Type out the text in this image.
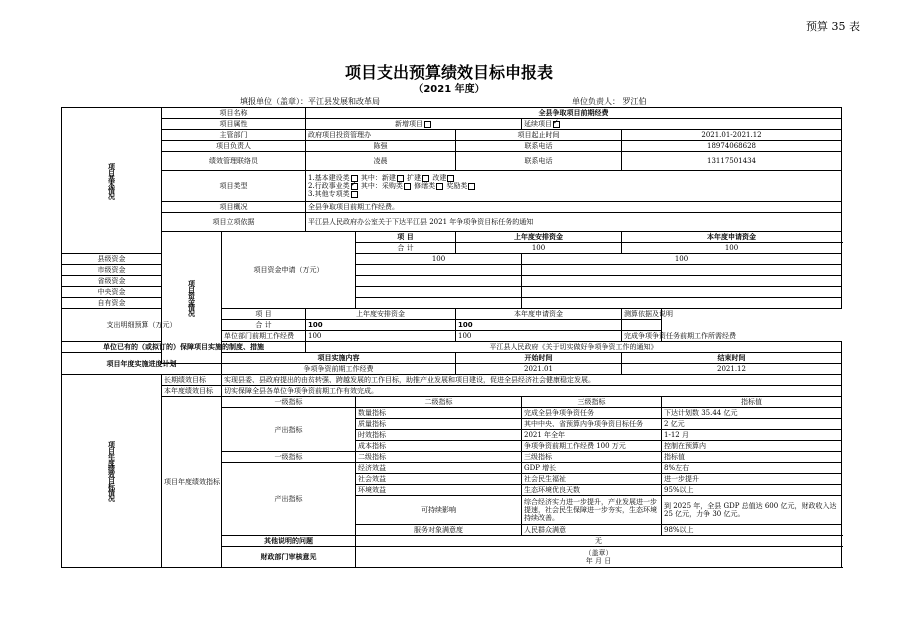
预算 35 表
项目支出预算绩效目标申报表
（2021 年度）
填报单位（盖章）：平江县发展和改革局	单位负责人： 罗江伯
项目基本情况	项目名称		全县争取项目前期经费					
	项目属性		新增项目			延续项目✓
	主管部门		政府项目投资管理办		项目起止时间		2021.01-2021.12	
	项目负责人		陈强		联系电话		18974068628	
	绩效管理联络员		凌晨		联系电话		13117501434	
	项目类型		1.基本建设类 其中：新建 扩建 改建
2.行政事业类 ✓ 其中：采购类 修缮类 奖励类
3.其他专项类

	项目概况		全县争取项目前期工作经费。					
	项目立项依据		平江县人民政府办公室关于下达平江县 2021 年争项争资目标任务的通知					

	项目资金情况	项目资金申请（万元）		项 目	上年度安排资金		本年度申请资金	
				合 计	100		100	
县级资金				100		100		
市级资金								
省级资金								
中央资金								
自有资金								
支出明细预算（万元）		项 目	上年度安排资金		本年度申请资金		测算依据及说明	
		合 计	100		100			
		单位部门前期工作经费	100		100		完成争项争资任务前期工作所需经费	
单位已有的（或拟订的）保障项目实施的制度、措施			平江县人民政府《关于切实做好争项争资工作的通知》					
项目年度实施进度计划		项目实施内容			开始时间		结束时间	
		争项争资前期工作经费			2021.01		2021.12	

项目年度绩效目标情况	长期绩效目标	实现县委、县政府提出的由贫转强、跨越发展的工作目标，助推产业发展和项目建设，促进全县经济社会健康稳定发展。						
	本年度绩效目标	切实保障全县各单位争项争资前期工作有效完成。						
	项目年度绩效指标	一级指标		二级指标		三级指标		指标值
		产出指标		数量指标		完成全县争项争资任务		下达计划数 35.44 亿元
				质量指标		其中中央、省预算内争项争资目标任务		2 亿元
				时效指标		2021 年全年		1-12 月
				成本指标		争项争资前期工作经费 100 万元		控制在预算内
		一级指标		二级指标		三级指标		指标值
		产出指标		经济效益		GDP 增长		8%左右
				社会效益		社会民生福祉		进一步提升
				环境效益		生态环境优良天数		95%以上
				可持续影响		综合经济实力进一步提升，产业发展进一步提速，社会民生保障进一步夯实，生态环境持续改善。		到 2025 年，全县 GDP 总值达 600 亿元，财政收入达 25 亿元，力争 30 亿元。
				服务对象满意度		人民群众满意		98%以上
		其他说明的问题		无				
		财政部门审核意见		（盖章）
年 月 日				
